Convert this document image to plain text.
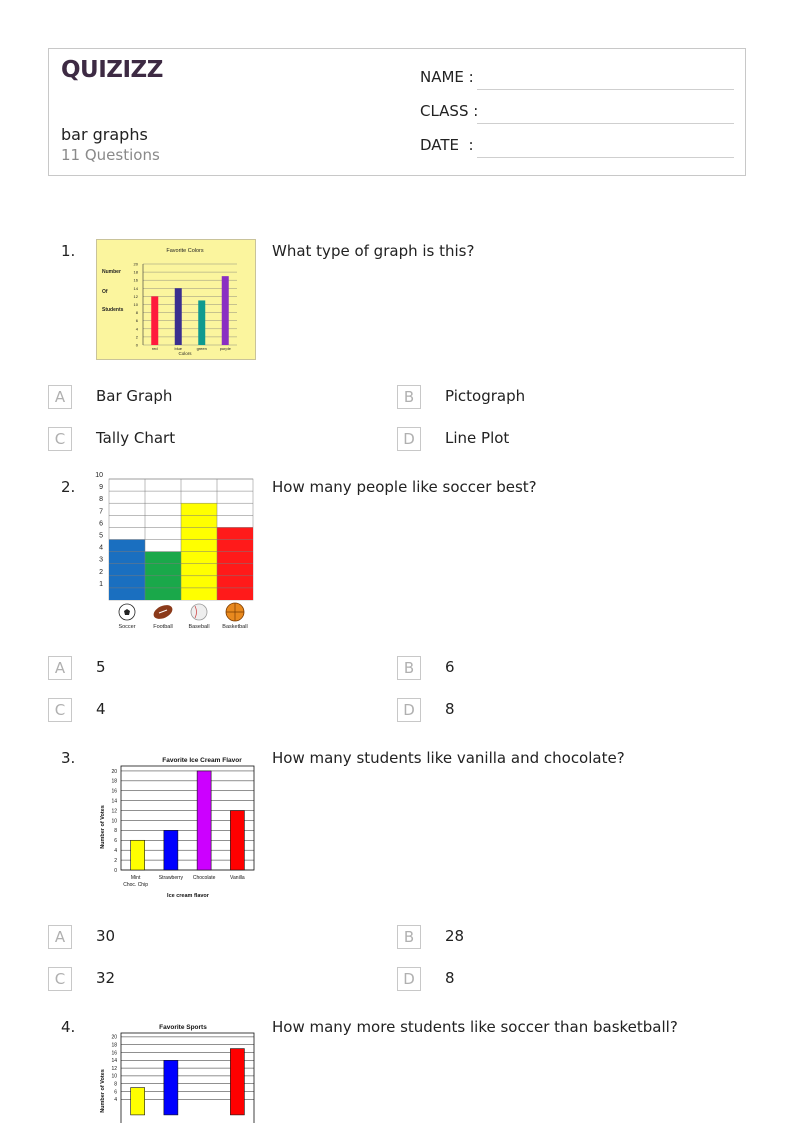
QUIZIZZ
bar graphs
11 Questions
NAME :
CLASS :
DATE  :
1.	What type of graph is this?
Favorite Colors
Number
Of
Students
0
2
4
6
8
10
12
14
16
18
20
red	blue	green	purple
Colors
A	Bar Graph	B	Pictograph
C	Tally Chart	D	Line Plot
2.	How many people like soccer best?
1
2
3
4
5
6
7
8
9
10
Soccer	Football	Baseball Basketball
A	5	B	6
C	4	D	8
3.	How many students like vanilla and chocolate?
Favorite Ice Cream Flavor
Number of Votes
0
2
4
6
8
10
12
14
16
18
20
Mint
Choc. Chip
Strawberry Chocolate	Vanilla
Ice cream flavor
A	30	B	28
C	32	D	8
4.	How many more students like soccer than basketball?
Favorite Sports
Number of Votes 4
6
8
10
12
14
16
18
20
